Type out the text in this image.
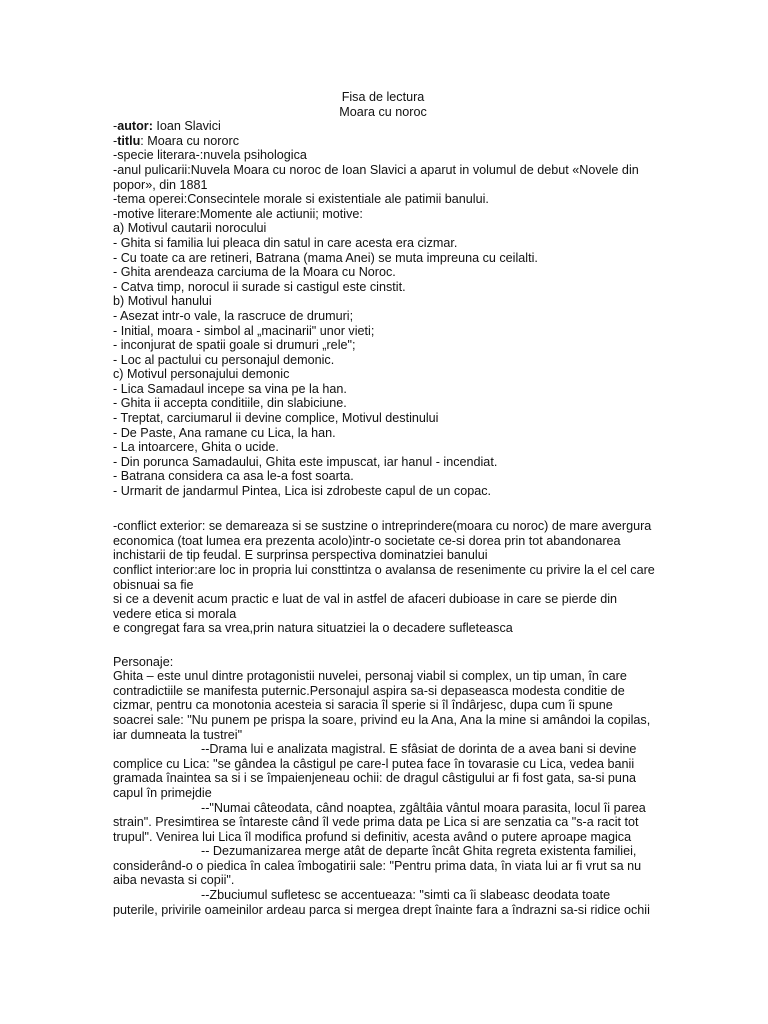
Fisa de lectura
Moara cu noroc
-autor: Ioan Slavici
-titlu: Moara cu nororc
-specie literara-:nuvela psihologica
-anul pulicarii:Nuvela Moara cu noroc de Ioan Slavici a aparut in volumul de debut «Novele din
popor», din 1881
-tema operei:Consecintele morale si existentiale ale patimii banului.
-motive literare:Momente ale actiunii; motive:
a) Motivul cautarii norocului
- Ghita si familia lui pleaca din satul in care acesta era cizmar.
- Cu toate ca are retineri, Batrana (mama Anei) se muta impreuna cu ceilalti.
- Ghita arendeaza carciuma de la Moara cu Noroc.
- Catva timp, norocul ii surade si castigul este cinstit.
b) Motivul hanului
- Asezat intr-o vale, la rascruce de drumuri;
- Initial, moara - simbol al „macinarii" unor vieti;
- inconjurat de spatii goale si drumuri „rele";
- Loc al pactului cu personajul demonic.
c) Motivul personajului demonic
- Lica Samadaul incepe sa vina pe la han.
- Ghita ii accepta conditiile, din slabiciune.
- Treptat, carciumarul ii devine complice, Motivul destinului
- De Paste, Ana ramane cu Lica, la han.
- La intoarcere, Ghita o ucide.
- Din porunca Samadaului, Ghita este impuscat, iar hanul - incendiat.
- Batrana considera ca asa le-a fost soarta.
- Urmarit de jandarmul Pintea, Lica isi zdrobeste capul de un copac.
-conflict exterior: se demareaza si se sustzine o intreprindere(moara cu noroc) de mare avergura
economica (toat lumea era prezenta acolo)intr-o societate ce-si dorea prin tot abandonarea
inchistarii de tip feudal. E surprinsa perspectiva dominatziei banului
conflict interior:are loc in propria lui consttintza o avalansa de resenimente cu privire la el cel care
obisnuai sa fie
si ce a devenit acum practic e luat de val in astfel de afaceri dubioase in care se pierde din
vedere etica si morala
e congregat fara sa vrea,prin natura situatziei la o decadere sufleteasca
Personaje:
Ghita – este unul dintre protagonistii nuvelei, personaj viabil si complex, un tip uman, în care
contradictiile se manifesta puternic.Personajul aspira sa-si depaseasca modesta conditie de
cizmar, pentru ca monotonia acesteia si saracia îl sperie si îl îndârjesc, dupa cum îi spune
soacrei sale: "Nu punem pe prispa la soare, privind eu la Ana, Ana la mine si amândoi la copilas,
iar dumneata la tustrei"
--Drama lui e analizata magistral. E sfâsiat de dorinta de a avea bani si devine
complice cu Lica: "se gândea la câstigul pe care-l putea face în tovarasie cu Lica, vedea banii
gramada înaintea sa si i se împaienjeneau ochii: de dragul câstigului ar fi fost gata, sa-si puna
capul în primejdie
--"Numai câteodata, când noaptea, zgâltâia vântul moara parasita, locul îi parea
strain". Presimtirea se întareste când îl vede prima data pe Lica si are senzatia ca "s-a racit tot
trupul". Venirea lui Lica îl modifica profund si definitiv, acesta având o putere aproape magica
-- Dezumanizarea merge atât de departe încât Ghita regreta existenta familiei,
considerând-o o piedica în calea îmbogatirii sale: "Pentru prima data, în viata lui ar fi vrut sa nu
aiba nevasta si copii".
--Zbuciumul sufletesc se accentueaza: "simti ca îi slabeasc deodata toate
puterile, privirile oameinilor ardeau parca si mergea drept înainte fara a îndrazni sa-si ridice ochii
